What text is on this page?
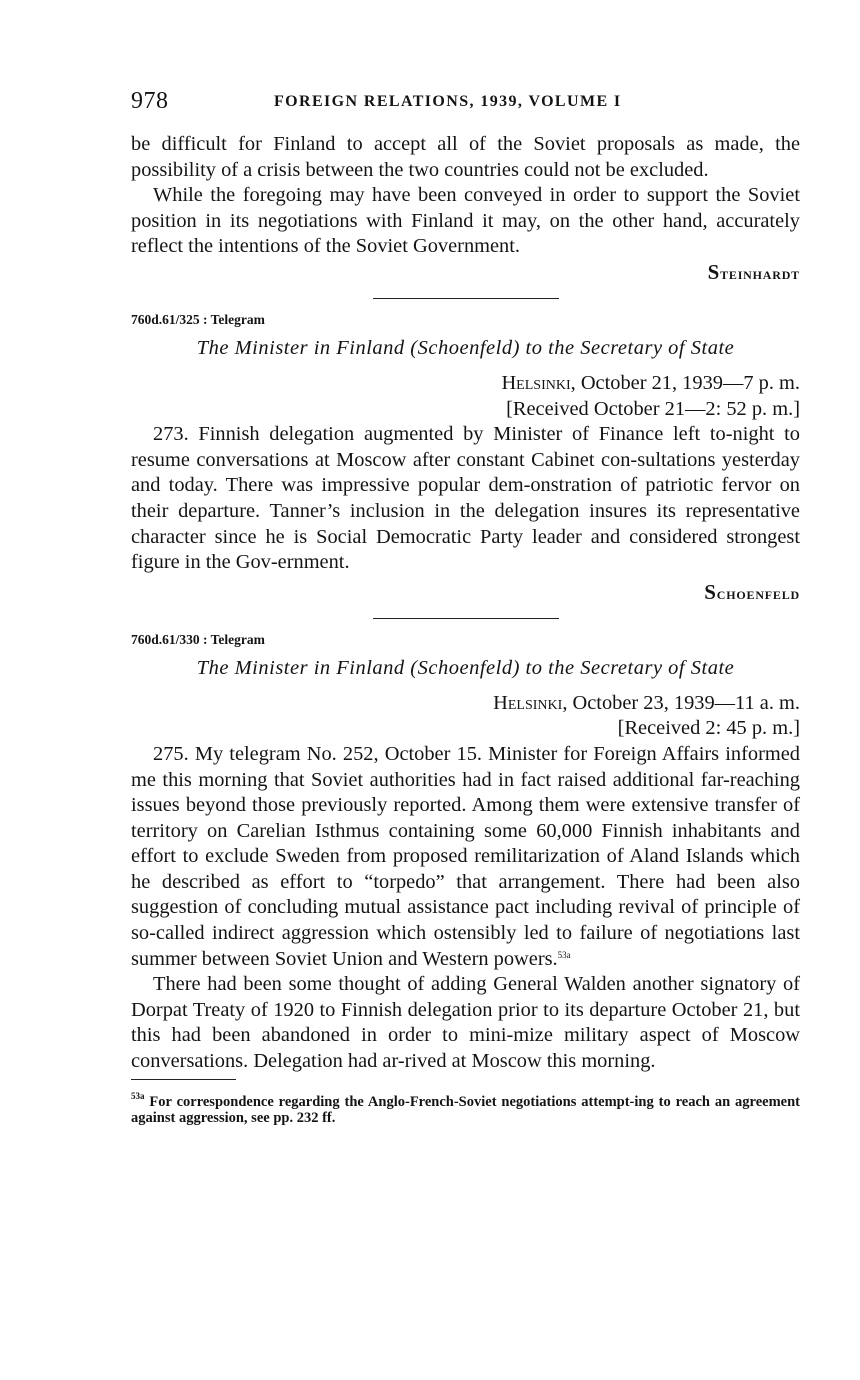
978	FOREIGN RELATIONS, 1939, VOLUME I

be difficult for Finland to accept all of the Soviet proposals as made, the possibility of a crisis between the two countries could not be excluded.

While the foregoing may have been conveyed in order to support the Soviet position in its negotiations with Finland it may, on the other hand, accurately reflect the intentions of the Soviet Government.

Steinhardt

760d.61/325 : Telegram

The Minister in Finland (Schoenfeld) to the Secretary of State

Helsinki, October 21, 1939—7 p. m.

[Received October 21—2: 52 p. m.]

273. Finnish delegation augmented by Minister of Finance left to-night to resume conversations at Moscow after constant Cabinet con-sultations yesterday and today. There was impressive popular dem-onstration of patriotic fervor on their departure. Tanner’s inclusion in the delegation insures its representative character since he is Social Democratic Party leader and considered strongest figure in the Gov-ernment.

Schoenfeld

760d.61/330 : Telegram

The Minister in Finland (Schoenfeld) to the Secretary of State

Helsinki, October 23, 1939—11 a. m.

[Received 2: 45 p. m.]

275. My telegram No. 252, October 15. Minister for Foreign Affairs informed me this morning that Soviet authorities had in fact raised additional far-reaching issues beyond those previously reported. Among them were extensive transfer of territory on Carelian Isthmus containing some 60,000 Finnish inhabitants and effort to exclude Sweden from proposed remilitarization of Aland Islands which he described as effort to “torpedo” that arrangement. There had been also suggestion of concluding mutual assistance pact including revival of principle of so-called indirect aggression which ostensibly led to failure of negotiations last summer between Soviet Union and Western powers.$^{53a}$

There had been some thought of adding General Walden another signatory of Dorpat Treaty of 1920 to Finnish delegation prior to its departure October 21, but this had been abandoned in order to mini-mize military aspect of Moscow conversations. Delegation had ar-rived at Moscow this morning.

$^{53a}$ For correspondence regarding the Anglo-French-Soviet negotiations attempt-ing to reach an agreement against aggression, see pp. 232 ff.
